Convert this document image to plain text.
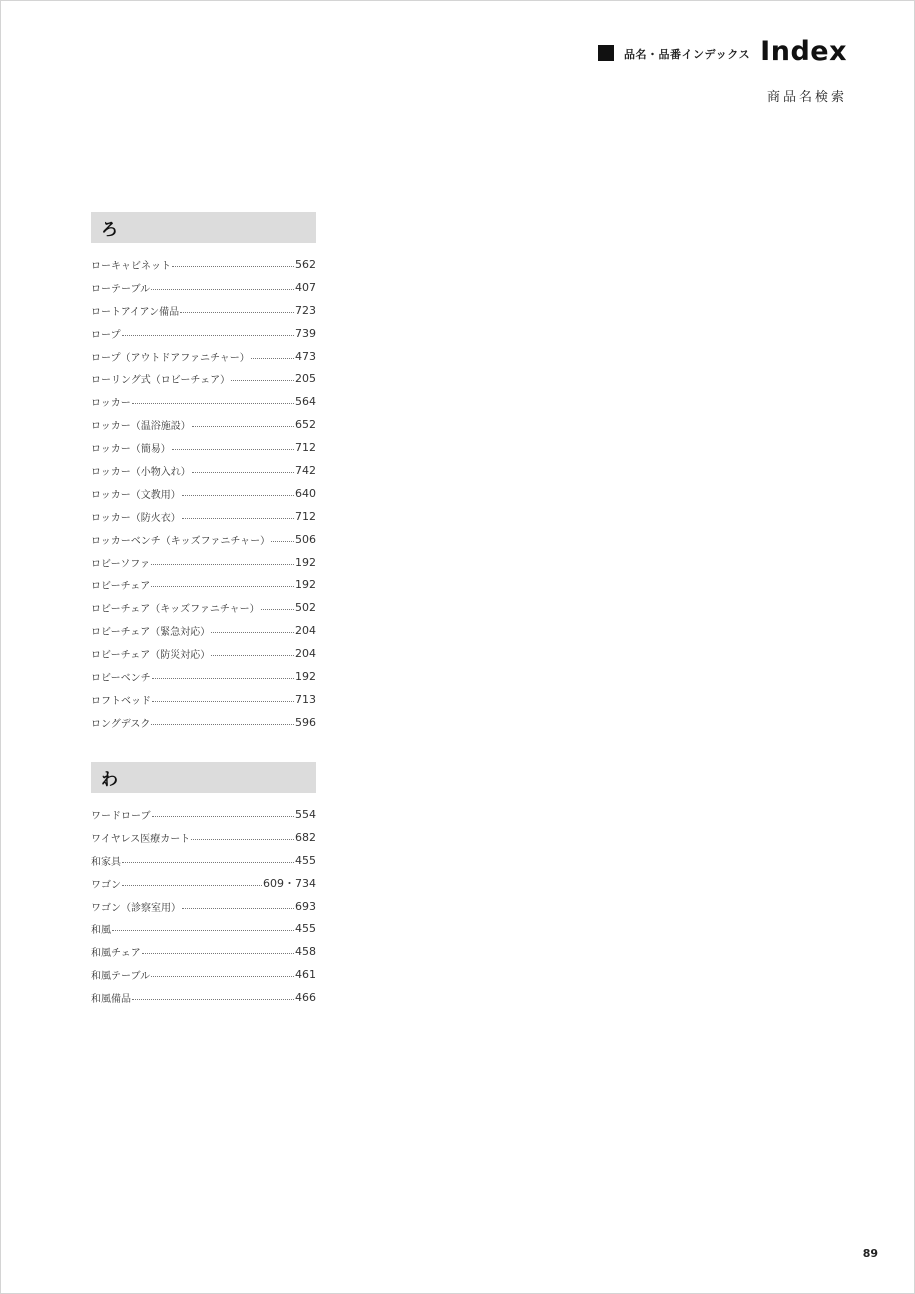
品名・品番インデックス Index
商品名検索
ろ
ローキャビネット	562
ローテーブル	407
ロートアイアン備品	723
ロープ	739
ロープ（アウトドアファニチャー）	473
ローリング式（ロビーチェア）	205
ロッカー	564
ロッカー（温浴施設）	652
ロッカー（簡易）	712
ロッカー（小物入れ）	742
ロッカー（文教用）	640
ロッカー（防火衣）	712
ロッカーベンチ（キッズファニチャー） 506
ロビーソファ	192
ロビーチェア	192
ロビーチェア（キッズファニチャー）	502
ロビーチェア（緊急対応）	204
ロビーチェア（防災対応）	204
ロビーベンチ	192
ロフトベッド	713
ロングデスク	596
わ
ワードローブ	554
ワイヤレス医療カート	682
和家具	455
ワゴン	609・734
ワゴン（診察室用）	693
和風	455
和風チェア	458
和風テーブル	461
和風備品	466
89
